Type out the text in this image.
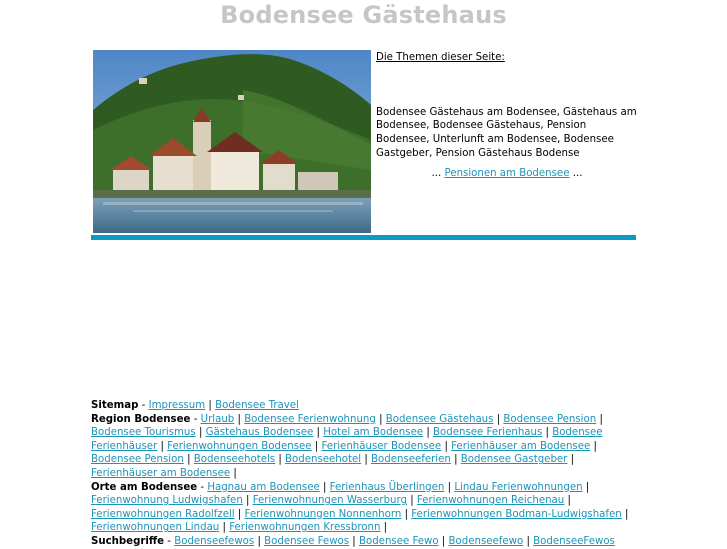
Bodensee Gästehaus
Die Themen dieser Seite:
Bodensee Gästehaus am Bodensee, Gästehaus am Bodensee, Bodensee Gästehaus, Pension Bodensee, Unterlunft am Bodensee, Bodensee Gastgeber, Pension Gästehaus Bodense
... Pensionen am Bodensee ...
Sitemap - Impressum | Bodensee Travel
Region Bodensee - Urlaub | Bodensee Ferienwohnung | Bodensee Gästehaus | Bodensee Pension | Bodensee Tourismus | Gästehaus Bodensee | Hotel am Bodensee | Bodensee Ferienhaus | Bodensee Ferienhäuser | Ferienwohnungen Bodensee | Ferienhäuser Bodensee | Ferienhäuser am Bodensee | Bodensee Pension | Bodenseehotels | Bodenseehotel | Bodenseeferien | Bodensee Gastgeber | Ferienhäuser am Bodensee |
Orte am Bodensee - Hagnau am Bodensee | Ferienhaus Überlingen | Lindau Ferienwohnungen | Ferienwohnung Ludwigshafen | Ferienwohnungen Wasserburg | Ferienwohnungen Reichenau | Ferienwohnungen Radolfzell | Ferienwohnungen Nonnenhorn | Ferienwohnungen Bodman-Ludwigshafen | Ferienwohnungen Lindau | Ferienwohnungen Kressbronn |
Suchbegriffe - Bodenseefewos | Bodensee Fewos | Bodensee Fewo | Bodenseefewo | BodenseeFewos
